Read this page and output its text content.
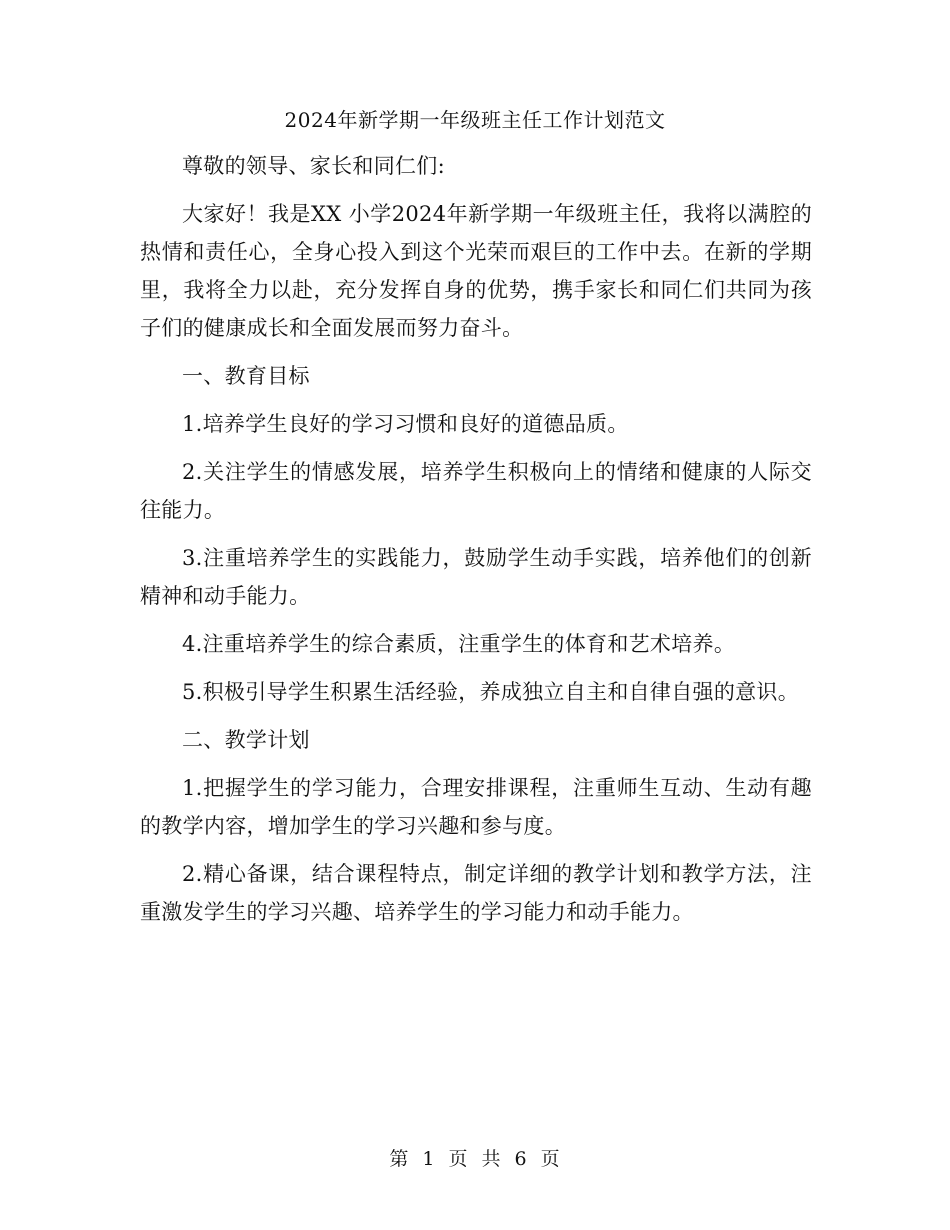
2024年新学期一年级班主任工作计划范文

尊敬的领导、家长和同仁们:

大家好！我是XX 小学2024年新学期一年级班主任，我将以满腔的热情和责任心，全身心投入到这个光荣而艰巨的工作中去。在新的学期里，我将全力以赴，充分发挥自身的优势，携手家长和同仁们共同为孩子们的健康成长和全面发展而努力奋斗。

一、教育目标

1.培养学生良好的学习习惯和良好的道德品质。

2.关注学生的情感发展，培养学生积极向上的情绪和健康的人际交往能力。

3.注重培养学生的实践能力，鼓励学生动手实践，培养他们的创新精神和动手能力。

4.注重培养学生的综合素质，注重学生的体育和艺术培养。

5.积极引导学生积累生活经验，养成独立自主和自律自强的意识。

二、教学计划

1.把握学生的学习能力，合理安排课程，注重师生互动、生动有趣的教学内容，增加学生的学习兴趣和参与度。

2.精心备课，结合课程特点，制定详细的教学计划和教学方法，注重激发学生的学习兴趣、培养学生的学习能力和动手能力。

第 1 页 共 6 页
